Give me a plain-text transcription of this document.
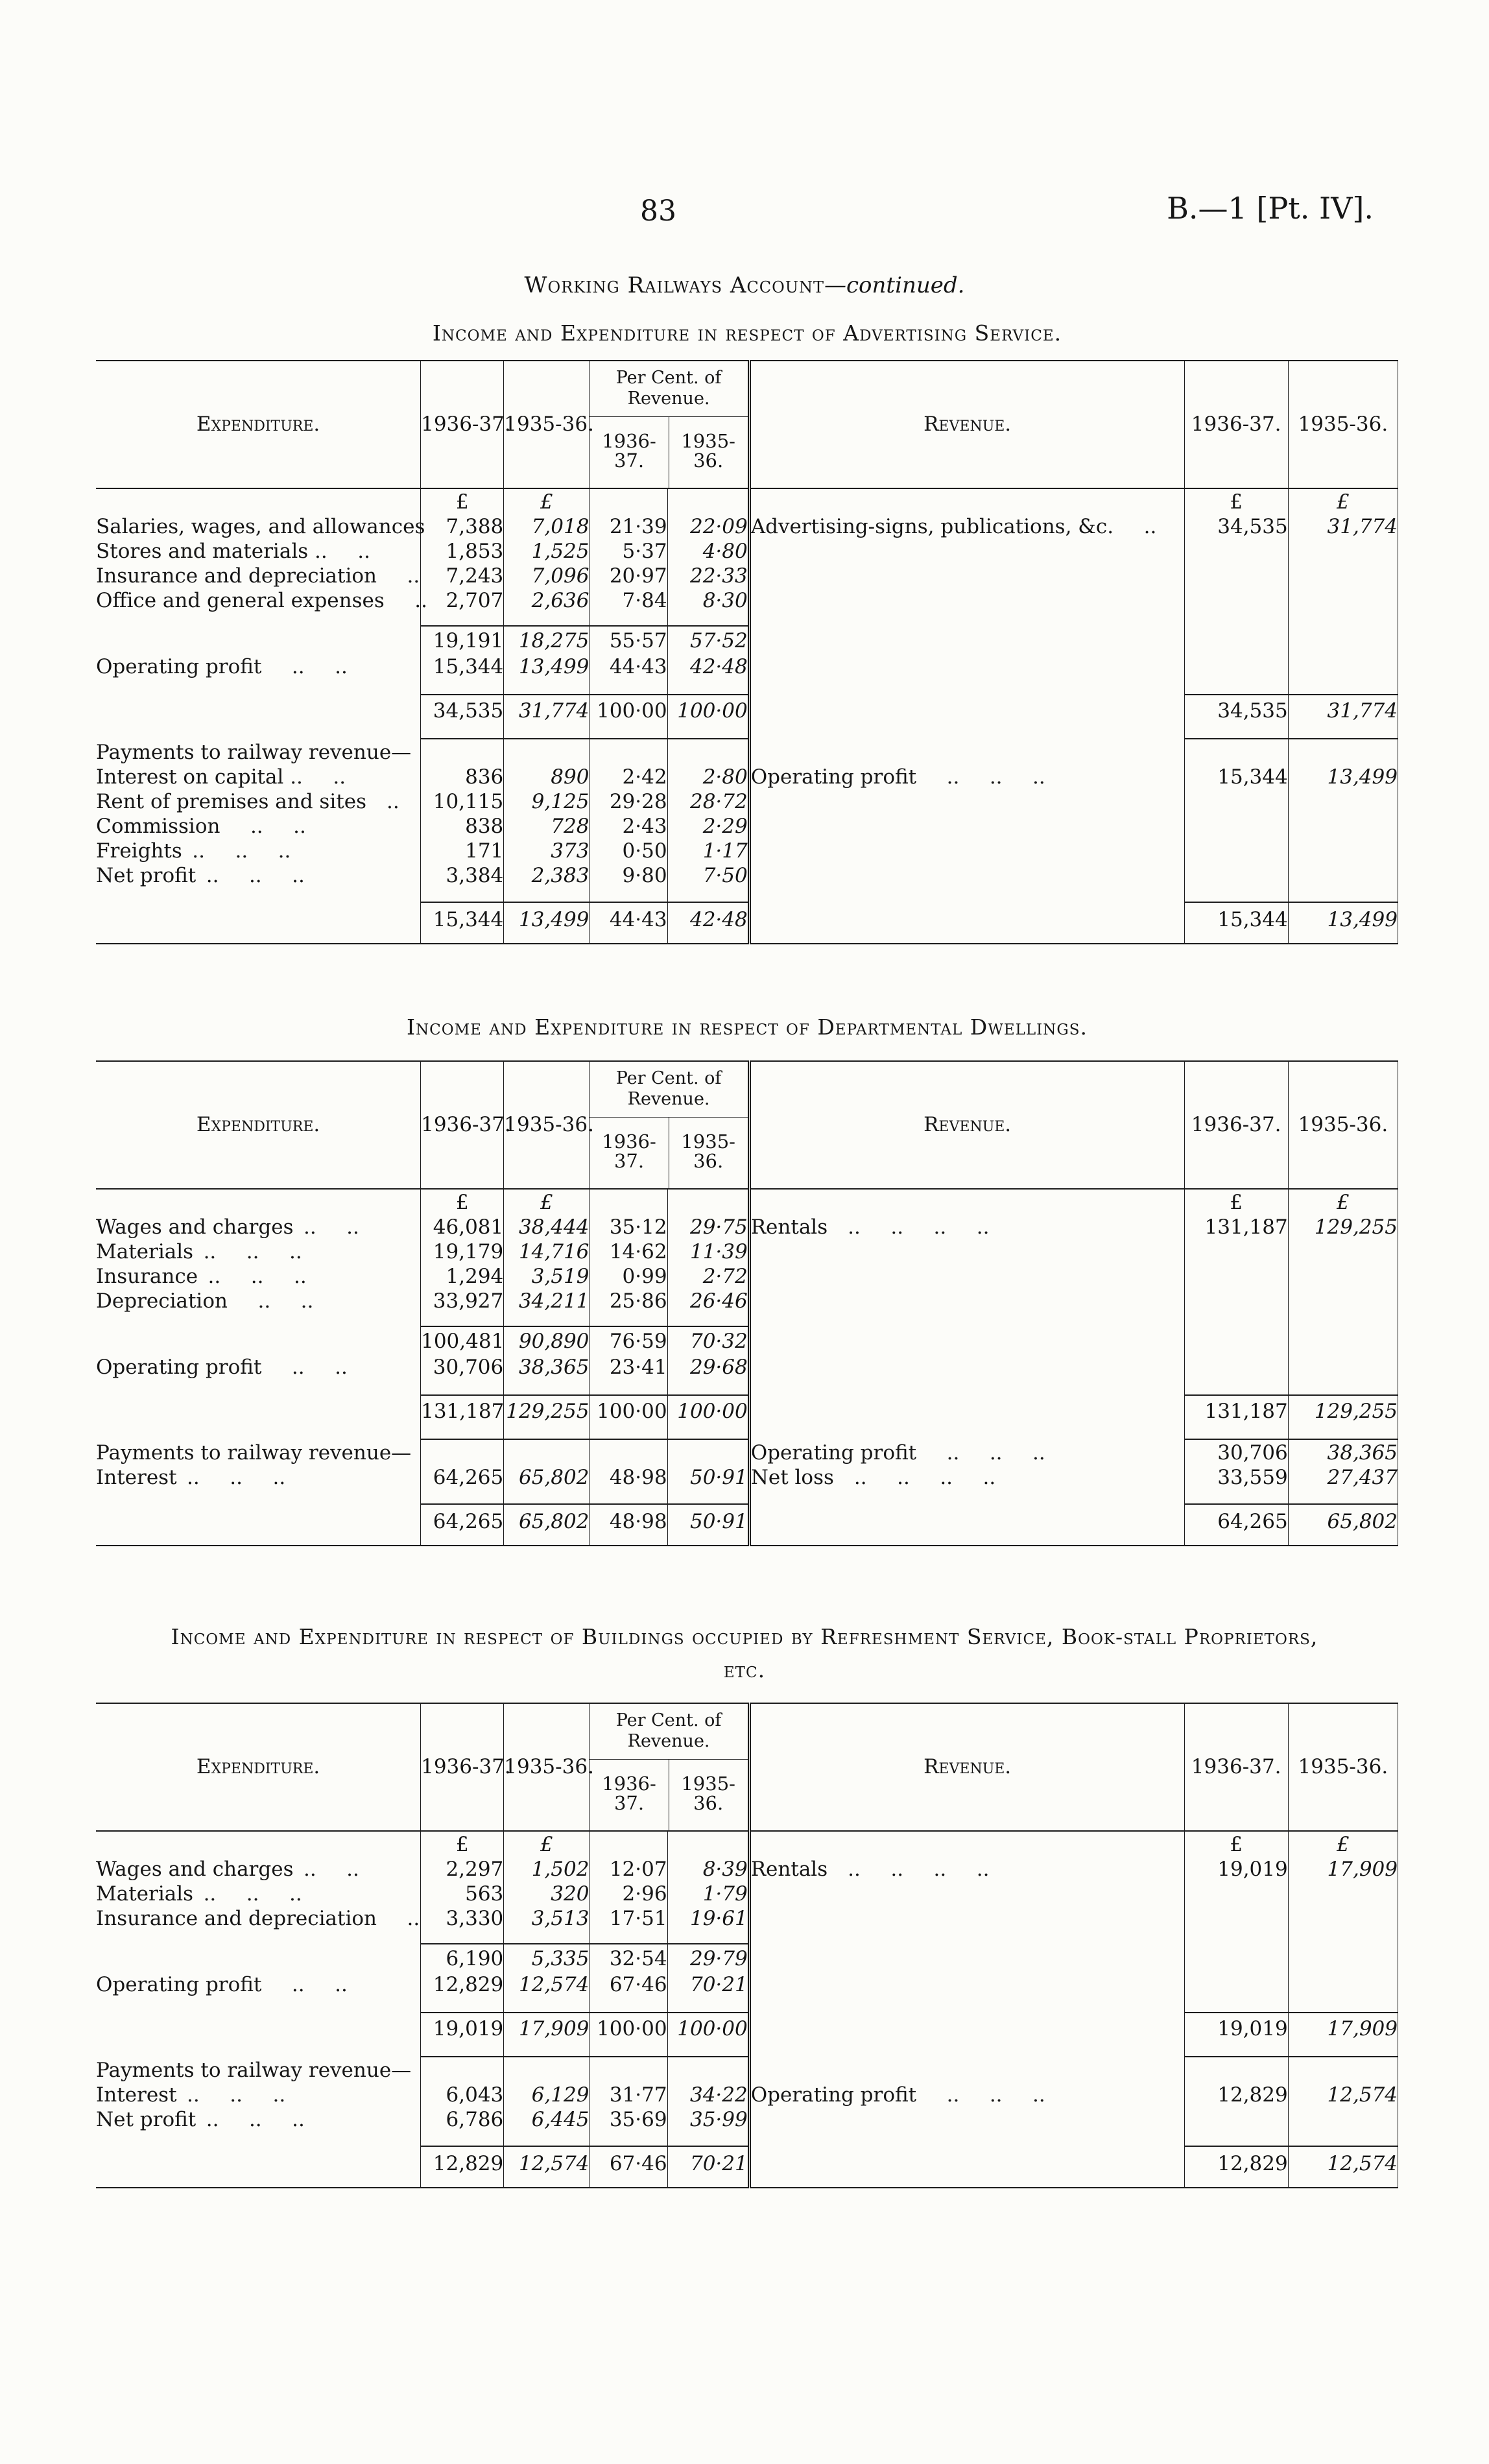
83	B.—1 [Pt. IV].
Working Railways Account—continued.
Income and Expenditure in respect of Advertising Service.
Expenditure.	1936-37.	1935-36.	Per Cent. of
Revenue.
1936-37.
1935-36.		Revenue.	1936-37.	1935-36.
	£	£				£	£
Salaries, wages, and allowances	7,388	7,018	21·39	22·09	Advertising-signs, publications, &c.  ..	34,535	31,774
Stores and materials ..  ..	1,853	1,525	5·37	4·80			
Insurance and depreciation  ..	7,243	7,096	20·97	22·33			
Office and general expenses  ..	2,707	2,636	7·84	8·30			

	19,191	18,275	55·57	57·52			
Operating profit  ..  ..	15,344	13,499	44·43	42·48			

	34,535	31,774	100·00	100·00		34,535	31,774

Payments to railway revenue—							
Interest on capital ..  ..	836	890	2·42	2·80	Operating profit  ..  ..  ..	15,344	13,499
Rent of premises and sites ..	10,115	9,125	29·28	28·72			
Commission  ..  ..	838	728	2·43	2·29			
Freights ..  ..  ..	171	373	0·50	1·17			
Net profit ..  ..  ..	3,384	2,383	9·80	7·50			

	15,344	13,499	44·43	42·48		15,344	13,499

Income and Expenditure in respect of Departmental Dwellings.
Expenditure.	1936-37.	1935-36.	Per Cent. of
Revenue.
1936-37.
1935-36.		Revenue.	1936-37.	1935-36.
	£	£				£	£
Wages and charges ..  ..	46,081	38,444	35·12	29·75	Rentals ..  ..  ..  ..	131,187	129,255
Materials ..  ..  ..	19,179	14,716	14·62	11·39			
Insurance ..  ..  ..	1,294	3,519	0·99	2·72			
Depreciation  ..  ..	33,927	34,211	25·86	26·46			

	100,481	90,890	76·59	70·32			
Operating profit  ..  ..	30,706	38,365	23·41	29·68			

	131,187	129,255	100·00	100·00		131,187	129,255

Payments to railway revenue—					Operating profit  ..  ..  ..	30,706	38,365
Interest ..  ..  ..	64,265	65,802	48·98	50·91	Net loss ..  ..  ..  ..	33,559	27,437

	64,265	65,802	48·98	50·91		64,265	65,802

Income and Expenditure in respect of Buildings occupied by Refreshment Service, Book-stall Proprietors, etc.
Expenditure.	1936-37.	1935-36.	Per Cent. of
Revenue.
1936-37.
1935-36.		Revenue.	1936-37.	1935-36.
	£	£				£	£
Wages and charges ..  ..	2,297	1,502	12·07	8·39	Rentals ..  ..  ..  ..	19,019	17,909
Materials ..  ..  ..	563	320	2·96	1·79			
Insurance and depreciation  ..	3,330	3,513	17·51	19·61			

	6,190	5,335	32·54	29·79			
Operating profit  ..  ..	12,829	12,574	67·46	70·21			

	19,019	17,909	100·00	100·00		19,019	17,909

Payments to railway revenue—							
Interest ..  ..  ..	6,043	6,129	31·77	34·22	Operating profit  ..  ..  ..	12,829	12,574
Net profit ..  ..  ..	6,786	6,445	35·69	35·99			

	12,829	12,574	67·46	70·21		12,829	12,574
